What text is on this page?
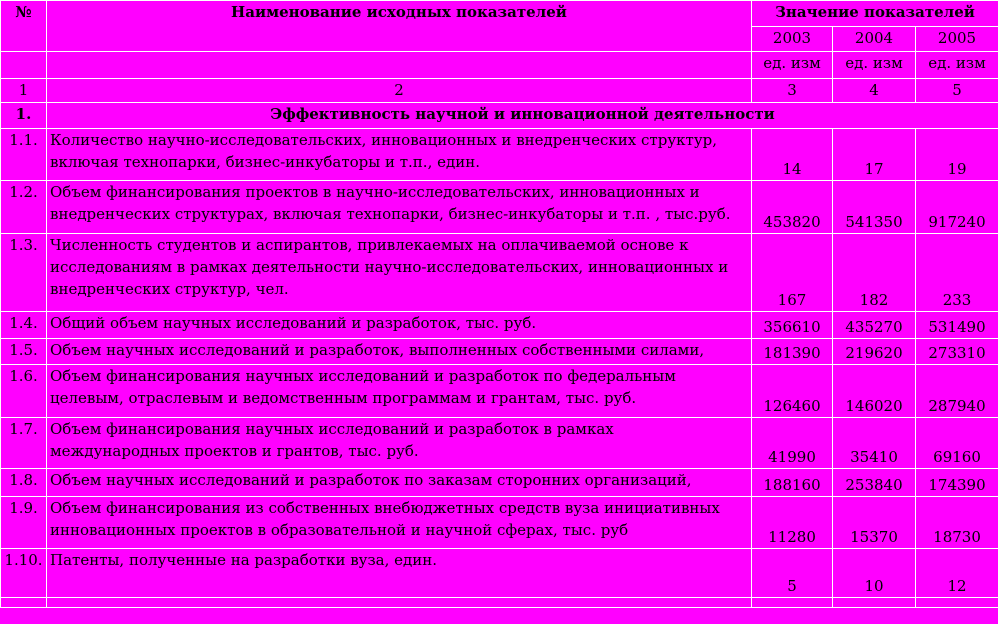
№	Наименование исходных показателей	Значение показателей		
		2003	2004	2005
		ед. изм	ед. изм	ед. изм
1	2	3	4	5
1.	Эффективность научной и инновационной деятельности			
1.1.	Количество научно-исследовательских, инновационных и внедренческих структур,
включая технопарки, бизнес-инкубаторы и т.п., един.	14	17	19
1.2.	Объем финансирования проектов в научно-исследовательских, инновационных и
внедренческих структурах, включая технопарки, бизнес-инкубаторы и т.п. , тыс.руб.	453820	541350	917240
1.3.	Численность студентов и аспирантов, привлекаемых на оплачиваемой основе к
исследованиям в рамках деятельности научно-исследовательских, инновационных и
внедренческих структур, чел.	167	182	233
1.4.	Общий объем научных исследований и разработок, тыс. руб.	356610	435270	531490
1.5.	Объем научных исследований и разработок, выполненных собственными силами,	181390	219620	273310
1.6.	Объем финансирования научных исследований и разработок по федеральным
целевым, отраслевым и ведомственным программам и грантам, тыс. руб.	126460	146020	287940
1.7.	Объем финансирования научных исследований и разработок в рамках
международных проектов и грантов, тыс. руб.	41990	35410	69160
1.8.	Объем научных исследований и разработок по заказам сторонних организаций,	188160	253840	174390
1.9.	Объем финансирования из собственных внебюджетных средств вуза инициативных
инновационных проектов в образовательной и научной сферах, тыс. руб	11280	15370	18730
1.10.	Патенты, полученные на разработки вуза, един.	5	10	12
